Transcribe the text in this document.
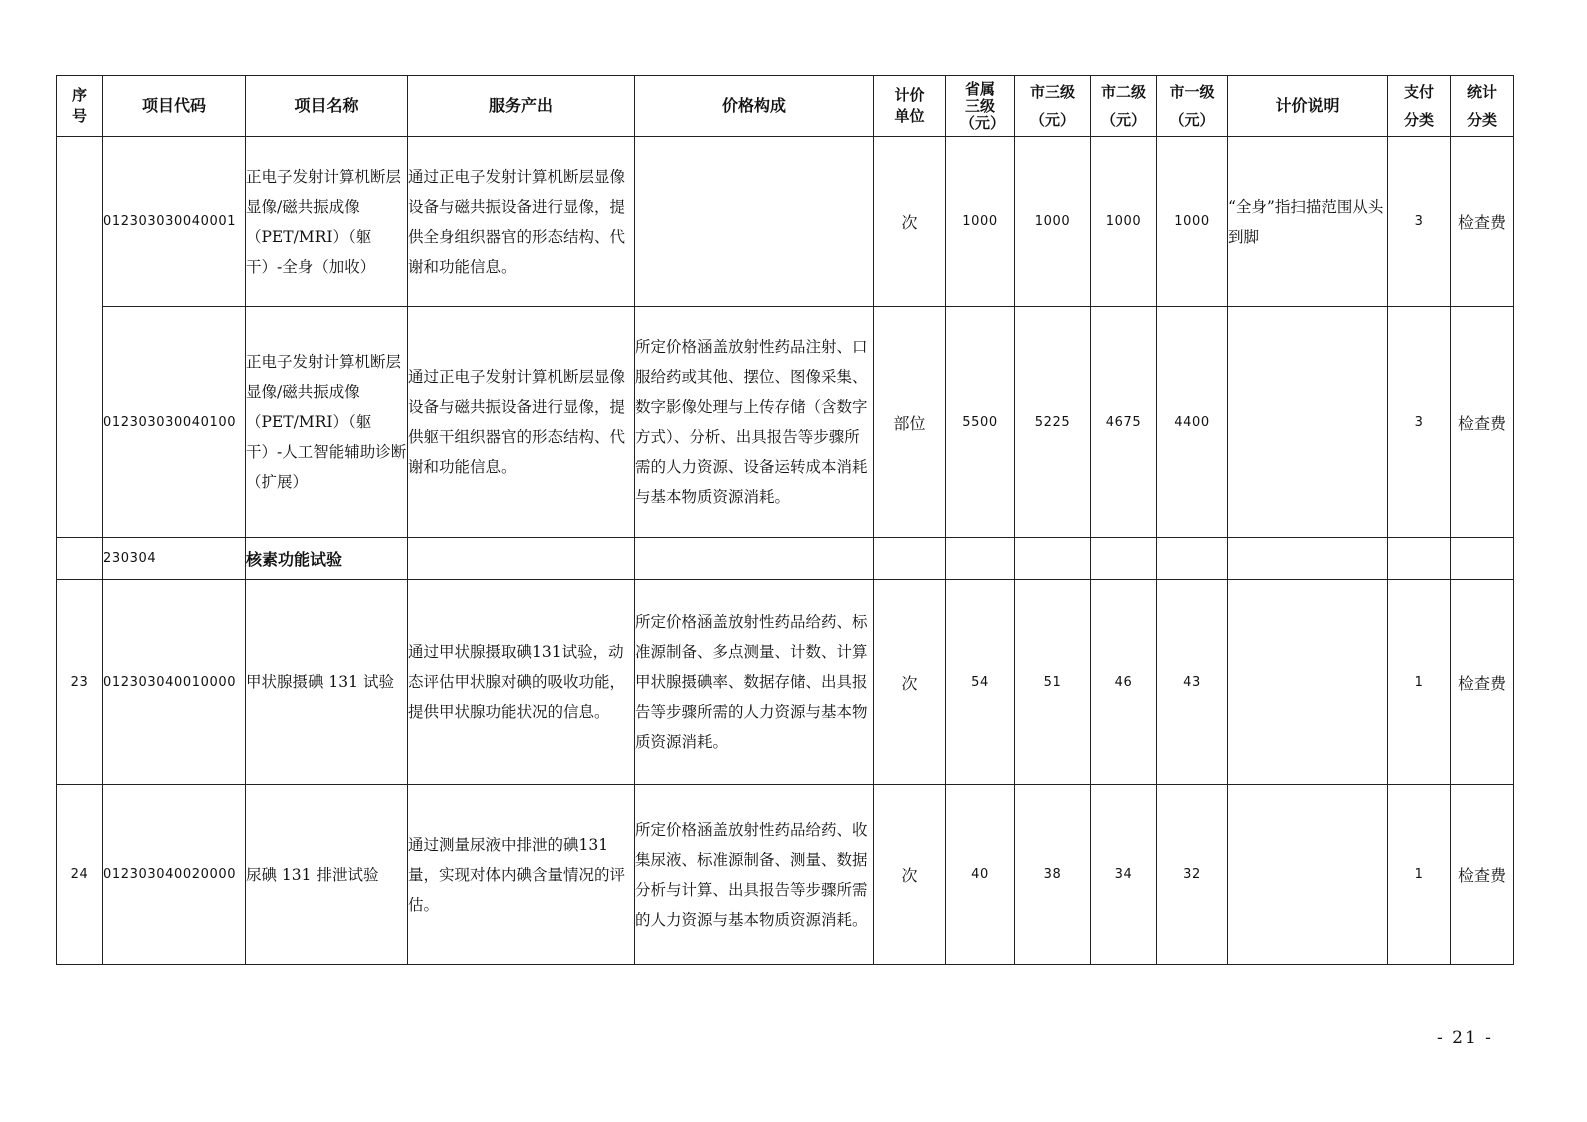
序号	项目代码	项目名称	服务产出	价格构成	计价单位	省属三级（元）	市三级（元）	市二级（元）	市一级（元）	计价说明	支付分类	统计分类
	012303030040001	正电子发射计算机断层显像/磁共振成像（PET/MRI）（躯干）-全身（加收）	通过正电子发射计算机断层显像设备与磁共振设备进行显像，提供全身组织器官的形态结构、代谢和功能信息。		次	1000	1000	1000	1000	“全身”指扫描范围从头到脚	3	检查费
	012303030040100	正电子发射计算机断层显像/磁共振成像（PET/MRI）（躯干）-人工智能辅助诊断（扩展）	通过正电子发射计算机断层显像设备与磁共振设备进行显像，提供躯干组织器官的形态结构、代谢和功能信息。	所定价格涵盖放射性药品注射、口服给药或其他、摆位、图像采集、数字影像处理与上传存储（含数字方式）、分析、出具报告等步骤所需的人力资源、设备运转成本消耗与基本物质资源消耗。	部位	5500	5225	4675	4400		3	检查费
	230304	核素功能试验										
23	012303040010000	甲状腺摄碘 131 试验	通过甲状腺摄取碘131试验，动态评估甲状腺对碘的吸收功能，提供甲状腺功能状况的信息。	所定价格涵盖放射性药品给药、标准源制备、多点测量、计数、计算甲状腺摄碘率、数据存储、出具报告等步骤所需的人力资源与基本物质资源消耗。	次	54	51	46	43		1	检查费
24	012303040020000	尿碘 131 排泄试验	通过测量尿液中排泄的碘131量，实现对体内碘含量情况的评估。	所定价格涵盖放射性药品给药、收集尿液、标准源制备、测量、数据分析与计算、出具报告等步骤所需的人力资源与基本物质资源消耗。	次	40	38	34	32		1	检查费
- 21 -
